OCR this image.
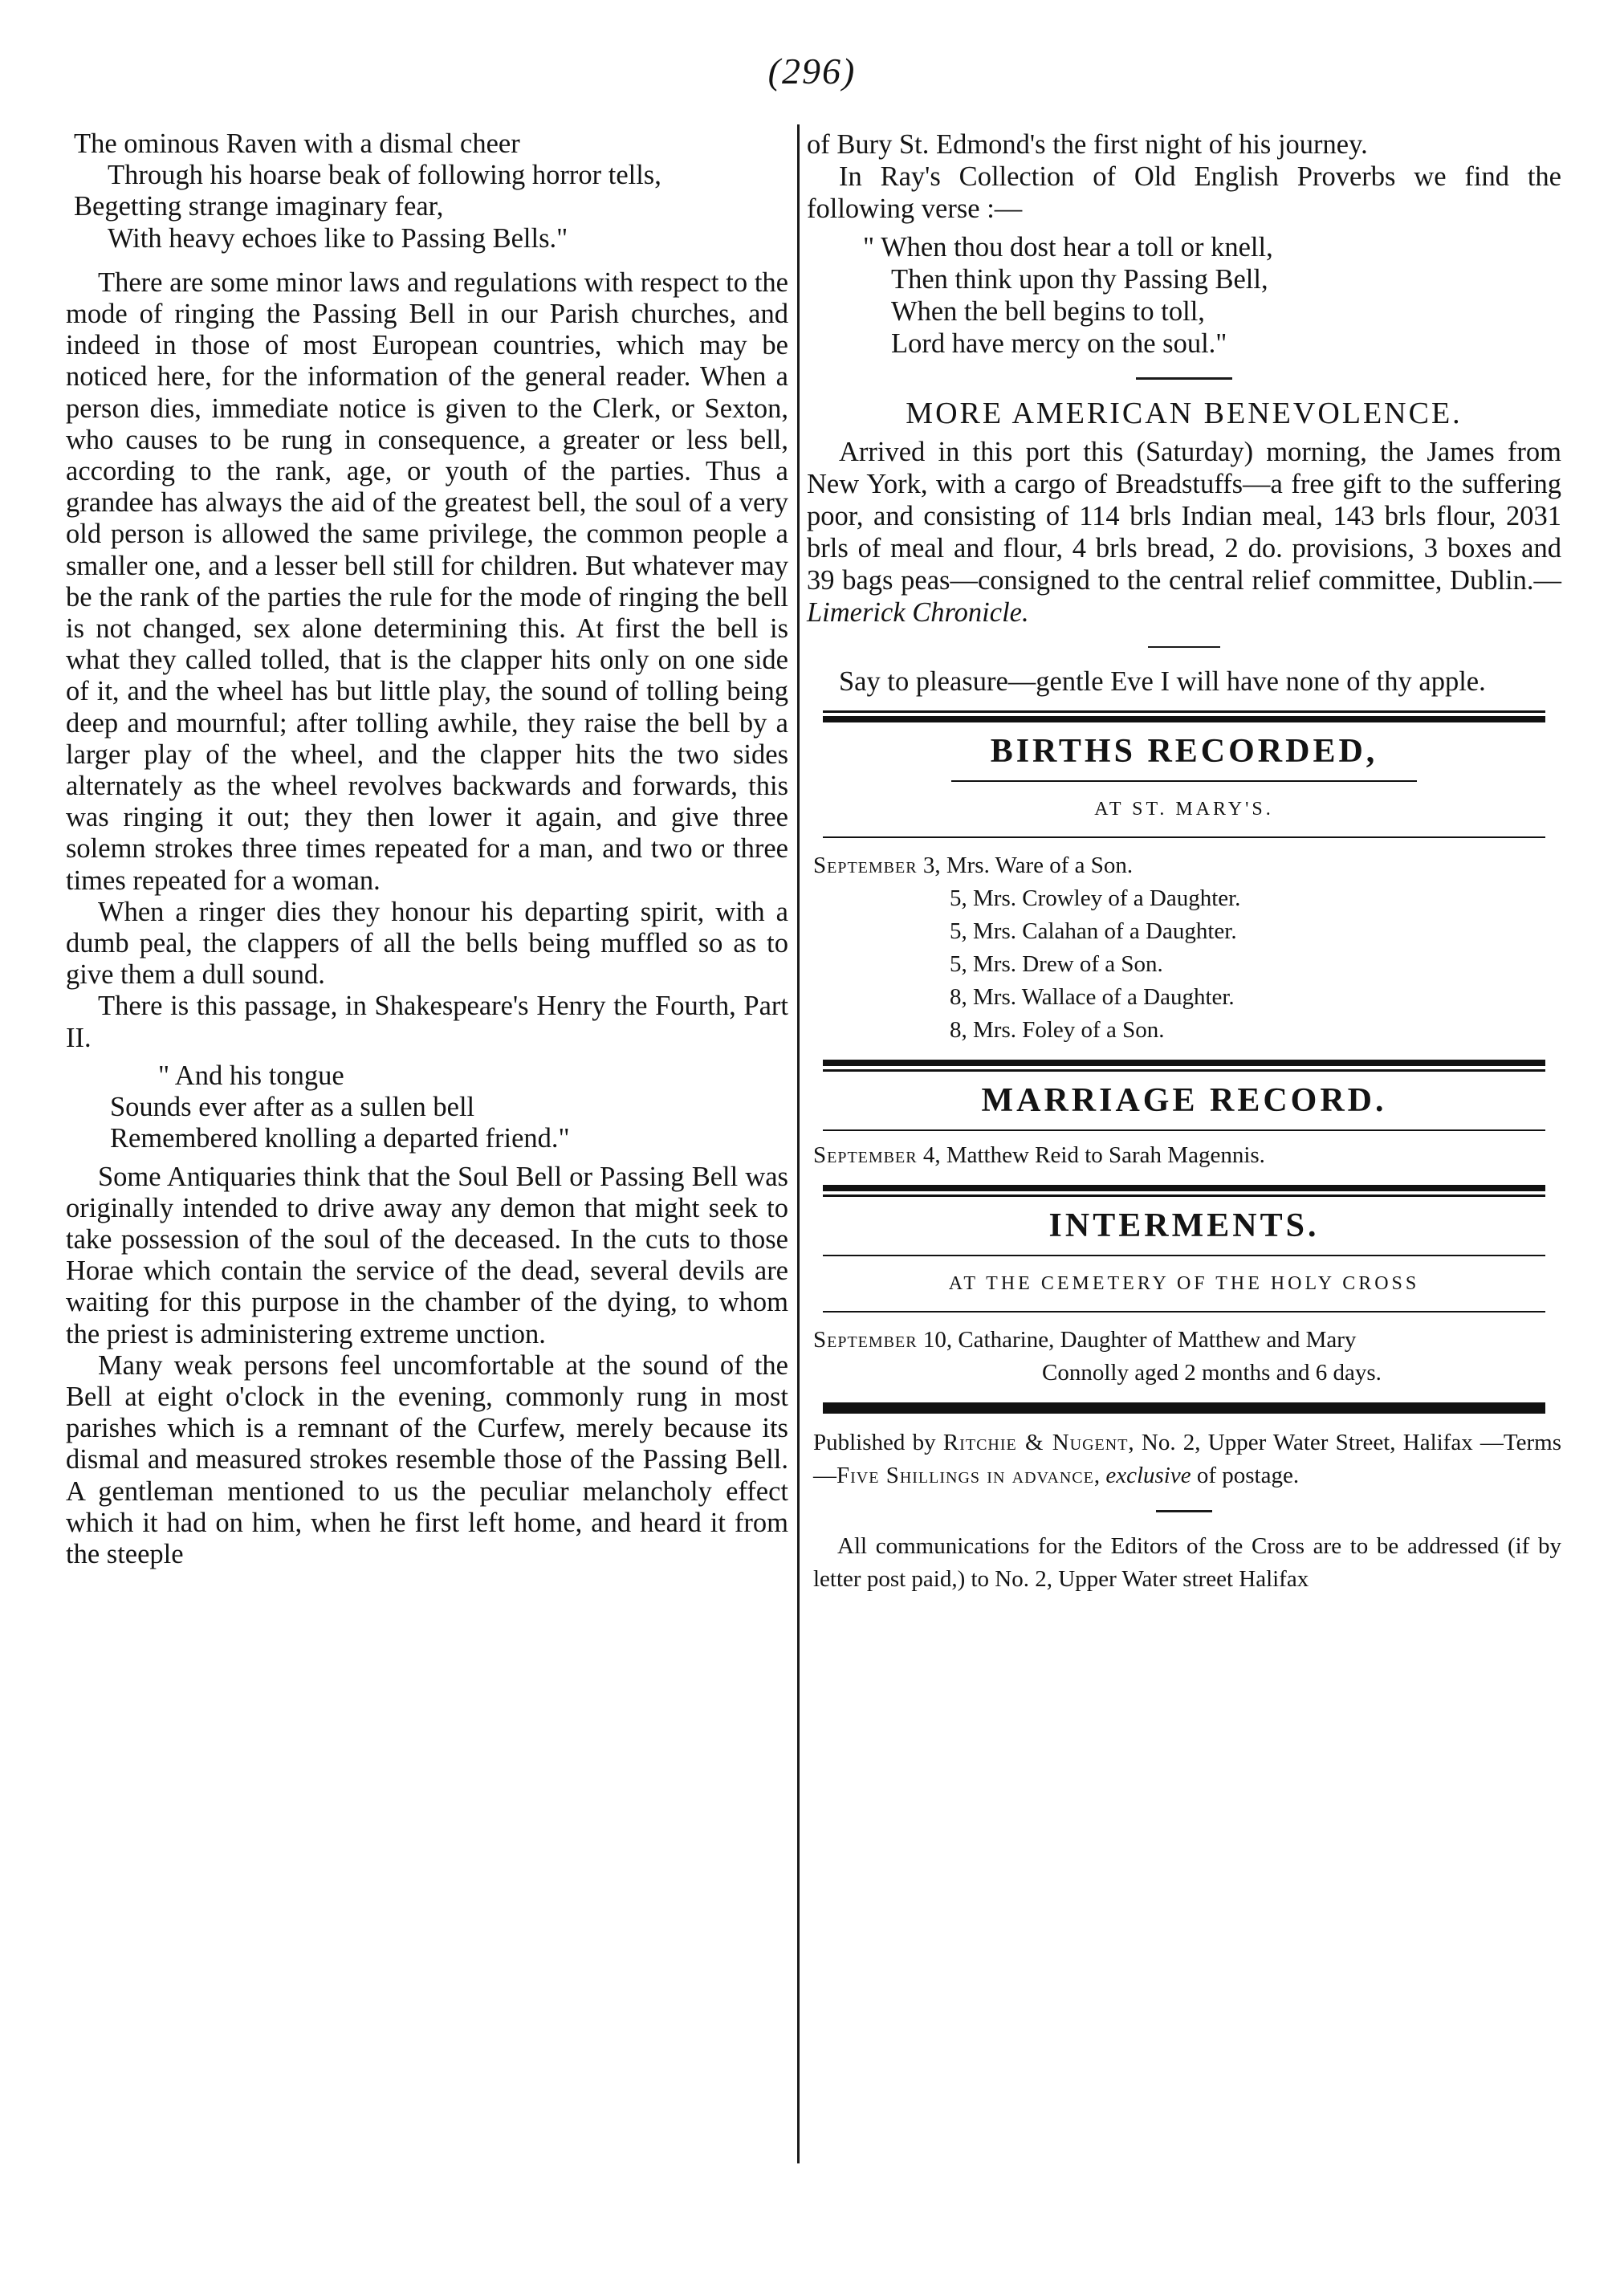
(296)
The ominous Raven with a dismal cheer
Through his hoarse beak of following horror tells,
Begetting strange imaginary fear,
With heavy echoes like to Passing Bells."

There are some minor laws and regulations with respect to the mode of ringing the Passing Bell in our Parish churches, and indeed in those of most European countries, which may be noticed here, for the information of the general reader. When a person dies, immediate notice is given to the Clerk, or Sexton, who causes to be rung in consequence, a greater or less bell, according to the rank, age, or youth of the parties. Thus a grandee has always the aid of the greatest bell, the soul of a very old person is allowed the same privilege, the common people a smaller one, and a lesser bell still for children. But whatever may be the rank of the parties the rule for the mode of ringing the bell is not changed, sex alone determining this. At first the bell is what they called tolled, that is the clapper hits only on one side of it, and the wheel has but little play, the sound of tolling being deep and mournful; after tolling awhile, they raise the bell by a larger play of the wheel, and the clapper hits the two sides alternately as the wheel revolves backwards and forwards, this was ringing it out; they then lower it again, and give three solemn strokes three times repeated for a man, and two or three times repeated for a woman.

When a ringer dies they honour his departing spirit, with a dumb peal, the clappers of all the bells being muffled so as to give them a dull sound.

There is this passage, in Shakespeare's Henry the Fourth, Part II.

" And his tongue
Sounds ever after as a sullen bell
Remembered knolling a departed friend."

Some Antiquaries think that the Soul Bell or Passing Bell was originally intended to drive away any demon that might seek to take possession of the soul of the deceased. In the cuts to those Horae which contain the service of the dead, several devils are waiting for this purpose in the chamber of the dying, to whom the priest is administering extreme unction.

Many weak persons feel uncomfortable at the sound of the Bell at eight o'clock in the evening, commonly rung in most parishes which is a remnant of the Curfew, merely because its dismal and measured strokes resemble those of the Passing Bell. A gentleman mentioned to us the peculiar melancholy effect which it had on him, when he first left home, and heard it from the steeple

of Bury St. Edmond's the first night of his journey.

In Ray's Collection of Old English Proverbs we find the following verse :—

" When thou dost hear a toll or knell,
Then think upon thy Passing Bell,
When the bell begins to toll,
Lord have mercy on the soul."
MORE AMERICAN BENEVOLENCE.

Arrived in this port this (Saturday) morning, the James from New York, with a cargo of Breadstuffs—a free gift to the suffering poor, and consisting of 114 brls Indian meal, 143 brls flour, 2031 brls of meal and flour, 4 brls bread, 2 do. provisions, 3 boxes and 39 bags peas—consigned to the central relief committee, Dublin.—Limerick Chronicle.

Say to pleasure—gentle Eve I will have none of thy apple.

BIRTHS RECORDED,
AT ST. MARY'S.
September 3, Mrs. Ware of a Son.
5, Mrs. Crowley of a Daughter.
5, Mrs. Calahan of a Daughter.
5, Mrs. Drew of a Son.
8, Mrs. Wallace of a Daughter.
8, Mrs. Foley of a Son.
MARRIAGE RECORD.
September 4, Matthew Reid to Sarah Magennis.
INTERMENTS.
AT THE CEMETERY OF THE HOLY CROSS
September 10, Catharine, Daughter of Matthew and Mary
Connolly aged 2 months and 6 days.
Published by Ritchie & Nugent, No. 2, Upper Water Street, Halifax —Terms—Five Shillings in advance, exclusive of postage.
All communications for the Editors of the Cross are to be addressed (if by letter post paid,) to No. 2, Upper Water street Halifax
